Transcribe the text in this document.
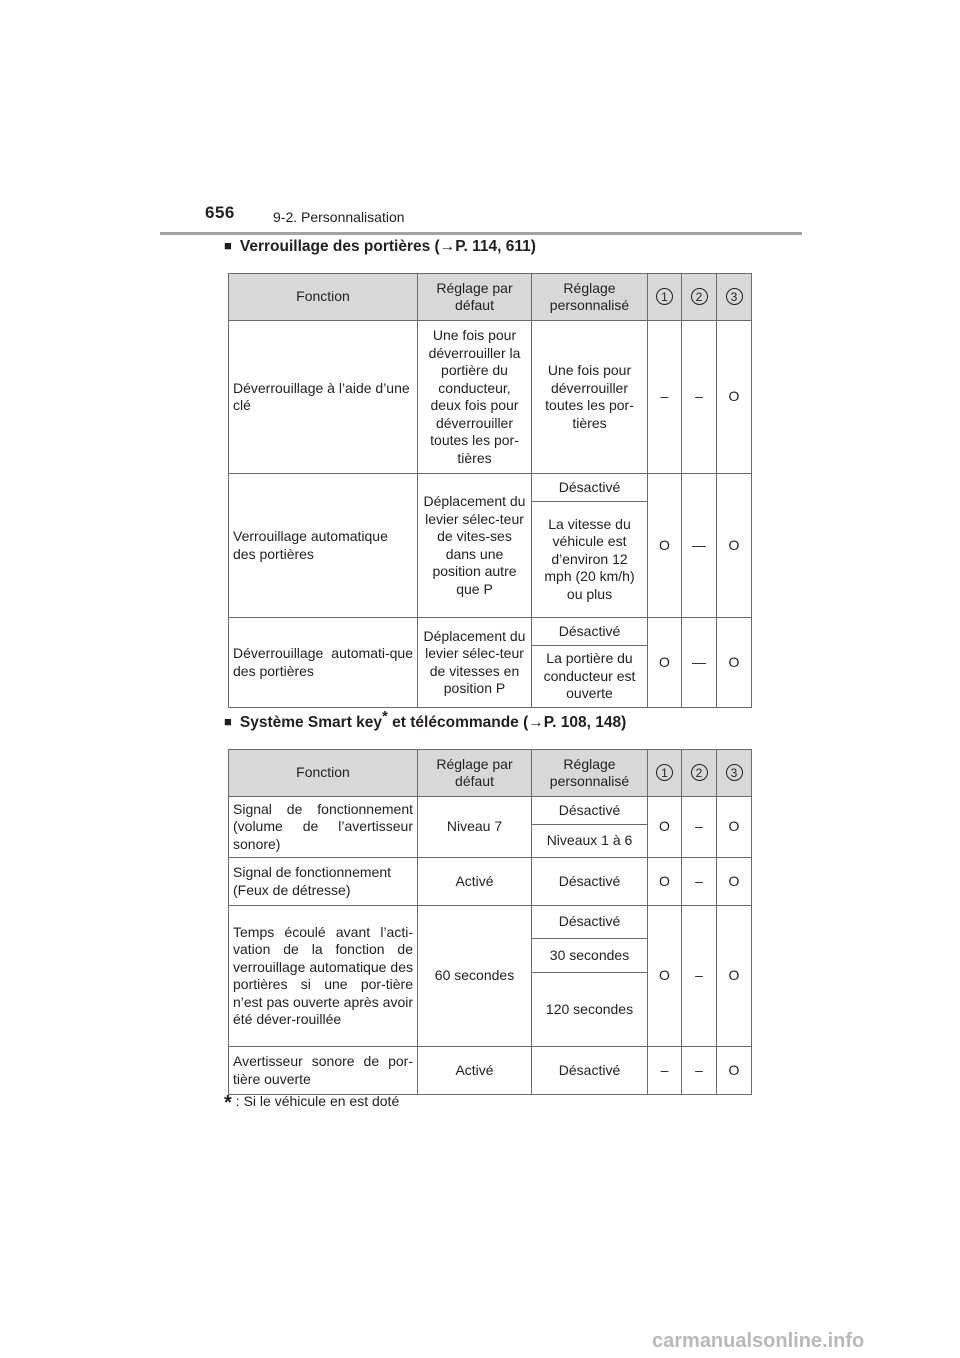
656	9-2. Personnalisation
■ Verrouillage des portières (→P. 114, 611)
Fonction	Réglage par défaut	Réglage personnalisé	1	2	3
Déverrouillage à l’aide d’une clé	Une fois pour déverrouiller la portière du conducteur, deux fois pour déverrouiller toutes les por-tières	Une fois pour déverrouiller toutes les por-tières	–	–	O
Verrouillage automatique des portières	Déplacement du levier sélec-teur de vites-ses dans une position autre que P	Désactivé	O	—	O
		La vitesse du véhicule est d’environ 12 mph (20 km/h) ou plus			
Déverrouillage automati-que des portières	Déplacement du levier sélec-teur de vitesses en position P	Désactivé	O	—	O
		La portière du conducteur est ouverte			
■ Système Smart key* et télécommande (→P. 108, 148)
Fonction	Réglage par défaut	Réglage personnalisé	1	2	3
Signal de fonctionnement (volume de l’avertisseur sonore)	Niveau 7	Désactivé	O	–	O
		Niveaux 1 à 6			
Signal de fonctionnement (Feux de détresse)	Activé	Désactivé	O	–	O
Temps écoulé avant l’acti-vation de la fonction de verrouillage automatique des portières si une por-tière n’est pas ouverte après avoir été déver-rouillée	60 secondes	Désactivé	O	–	O
		30 secondes			
		120 secondes			
Avertisseur sonore de por-tière ouverte	Activé	Désactivé	–	–	O
* : Si le véhicule en est doté
carmanualsonline.info
